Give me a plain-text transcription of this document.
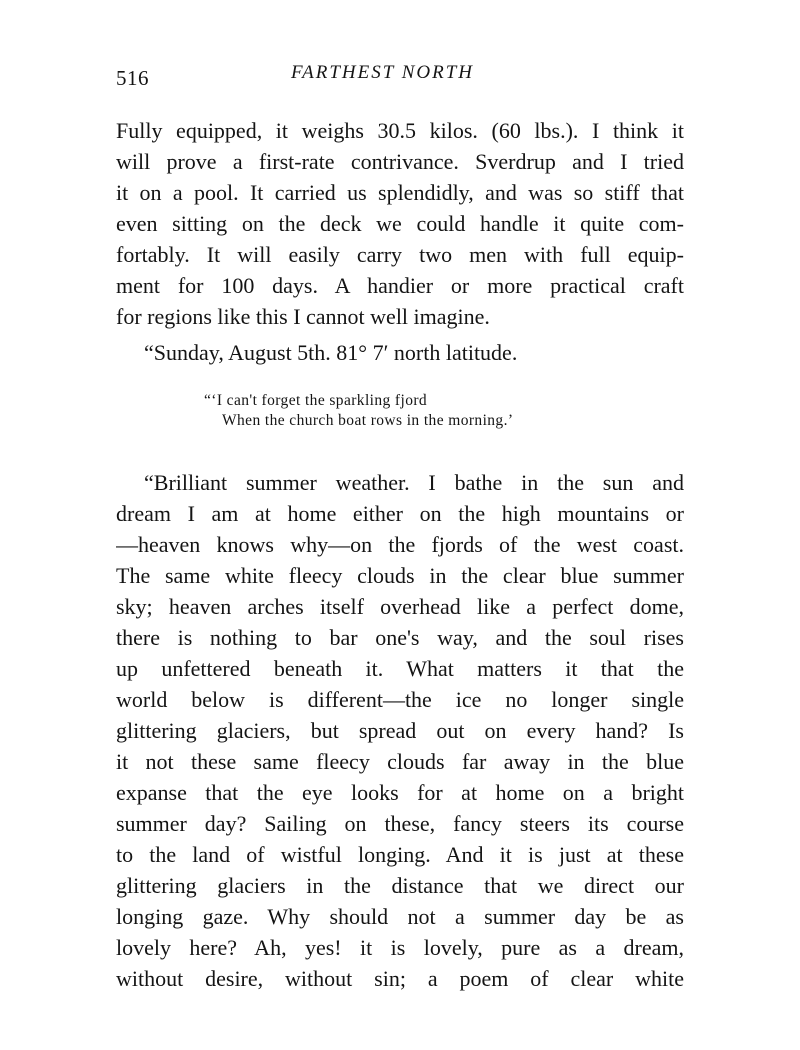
516	FARTHEST NORTH
Fully equipped, it weighs 30.5 kilos. (60 lbs.). I think it
will prove a first-rate contrivance. Sverdrup and I tried
it on a pool. It carried us splendidly, and was so stiff that
even sitting on the deck we could handle it quite com-
fortably. It will easily carry two men with full equip-
ment for 100 days. A handier or more practical craft
for regions like this I cannot well imagine.
“Sunday, August 5th. 81° 7′ north latitude.
“‘I can't forget the sparkling fjord
When the church boat rows in the morning.’
“Brilliant summer weather. I bathe in the sun and
dream I am at home either on the high mountains or
—heaven knows why—on the fjords of the west coast.
The same white fleecy clouds in the clear blue summer
sky; heaven arches itself overhead like a perfect dome,
there is nothing to bar one's way, and the soul rises
up unfettered beneath it. What matters it that the
world below is different—the ice no longer single
glittering glaciers, but spread out on every hand? Is
it not these same fleecy clouds far away in the blue
expanse that the eye looks for at home on a bright
summer day? Sailing on these, fancy steers its course
to the land of wistful longing. And it is just at these
glittering glaciers in the distance that we direct our
longing gaze. Why should not a summer day be as
lovely here? Ah, yes! it is lovely, pure as a dream,
without desire, without sin; a poem of clear white
